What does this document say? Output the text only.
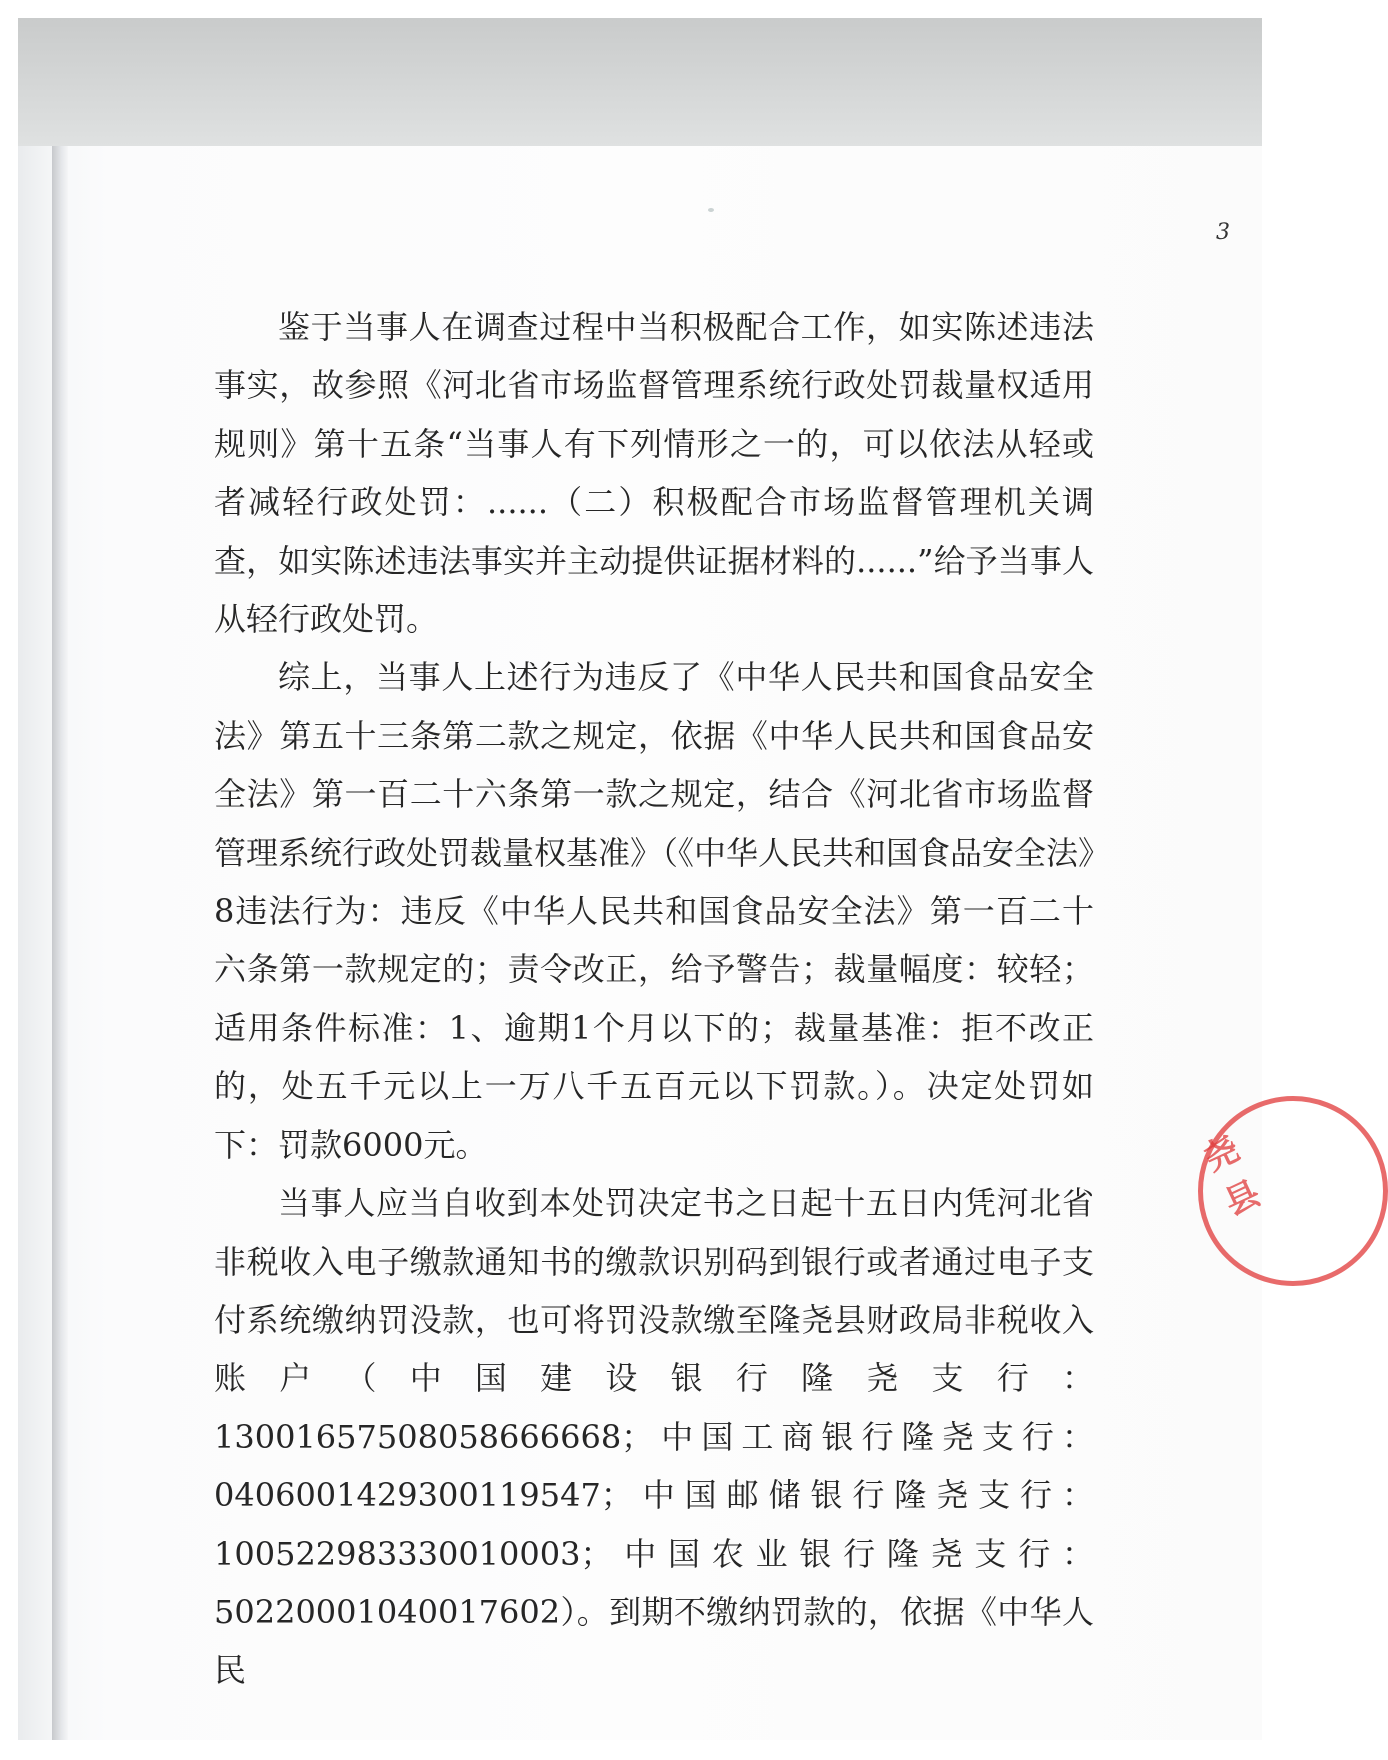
3

鉴于当事人在调查过程中当积极配合工作，如实陈述违法事实，故参照《河北省市场监督管理系统行政处罚裁量权适用规则》第十五条“当事人有下列情形之一的，可以依法从轻或者减轻行政处罚：......（二）积极配合市场监督管理机关调查，如实陈述违法事实并主动提供证据材料的......”给予当事人从轻行政处罚。

综上，当事人上述行为违反了《中华人民共和国食品安全法》第五十三条第二款之规定，依据《中华人民共和国食品安全法》第一百二十六条第一款之规定，结合《河北省市场监督管理系统行政处罚裁量权基准》（《中华人民共和国食品安全法》8违法行为：违反《中华人民共和国食品安全法》第一百二十六条第一款规定的；责令改正，给予警告；裁量幅度：较轻；适用条件标准：1、逾期1个月以下的；裁量基准：拒不改正的，处五千元以上一万八千五百元以下罚款。）。决定处罚如下：罚款6000元。

当事人应当自收到本处罚决定书之日起十五日内凭河北省非税收入电子缴款通知书的缴款识别码到银行或者通过电子支付系统缴纳罚没款，也可将罚没款缴至隆尧县财政局非税收入账户（中国建设银行隆尧支行：13001657508058666668；中国工商银行隆尧支行：0406001429300119547；中国邮储银行隆尧支行：100522983330010003；中国农业银行隆尧支行：50220001040017602）。到期不缴纳罚款的，依据《中华人民

尧县
